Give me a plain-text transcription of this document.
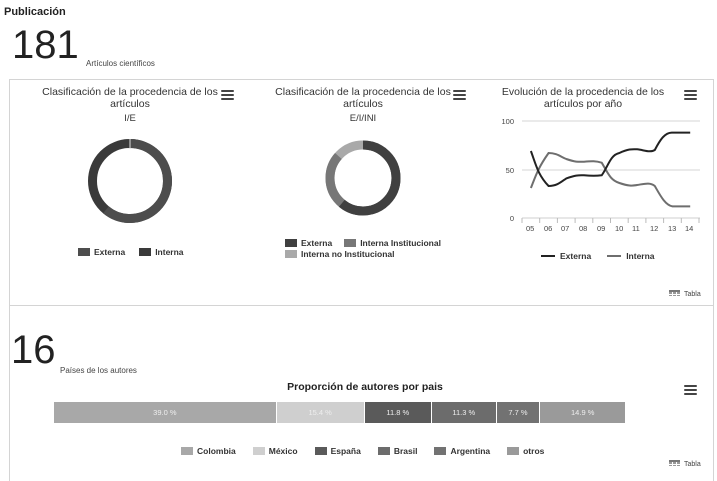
Publicación
181 Artículos científicos
Clasificación de la procedencia de los
artículos
I/E
Externa	Interna
Clasificación de la procedencia de los
artículos
E/I/INI
Externa	Interna Institucional
Interna no Institucional
Evolución de la procedencia de los
artículos por año
100
50
0
05 06 07 08 09 10 11 12 13 14
Externa	Interna
Tabla
16 Países de los autores
Proporción de autores por pais
39.0 %	15.4 %	11.8 %	11.3 %	7.7 %	14.9 %
Colombia	México	España	Brasil	Argentina	otros
Tabla
